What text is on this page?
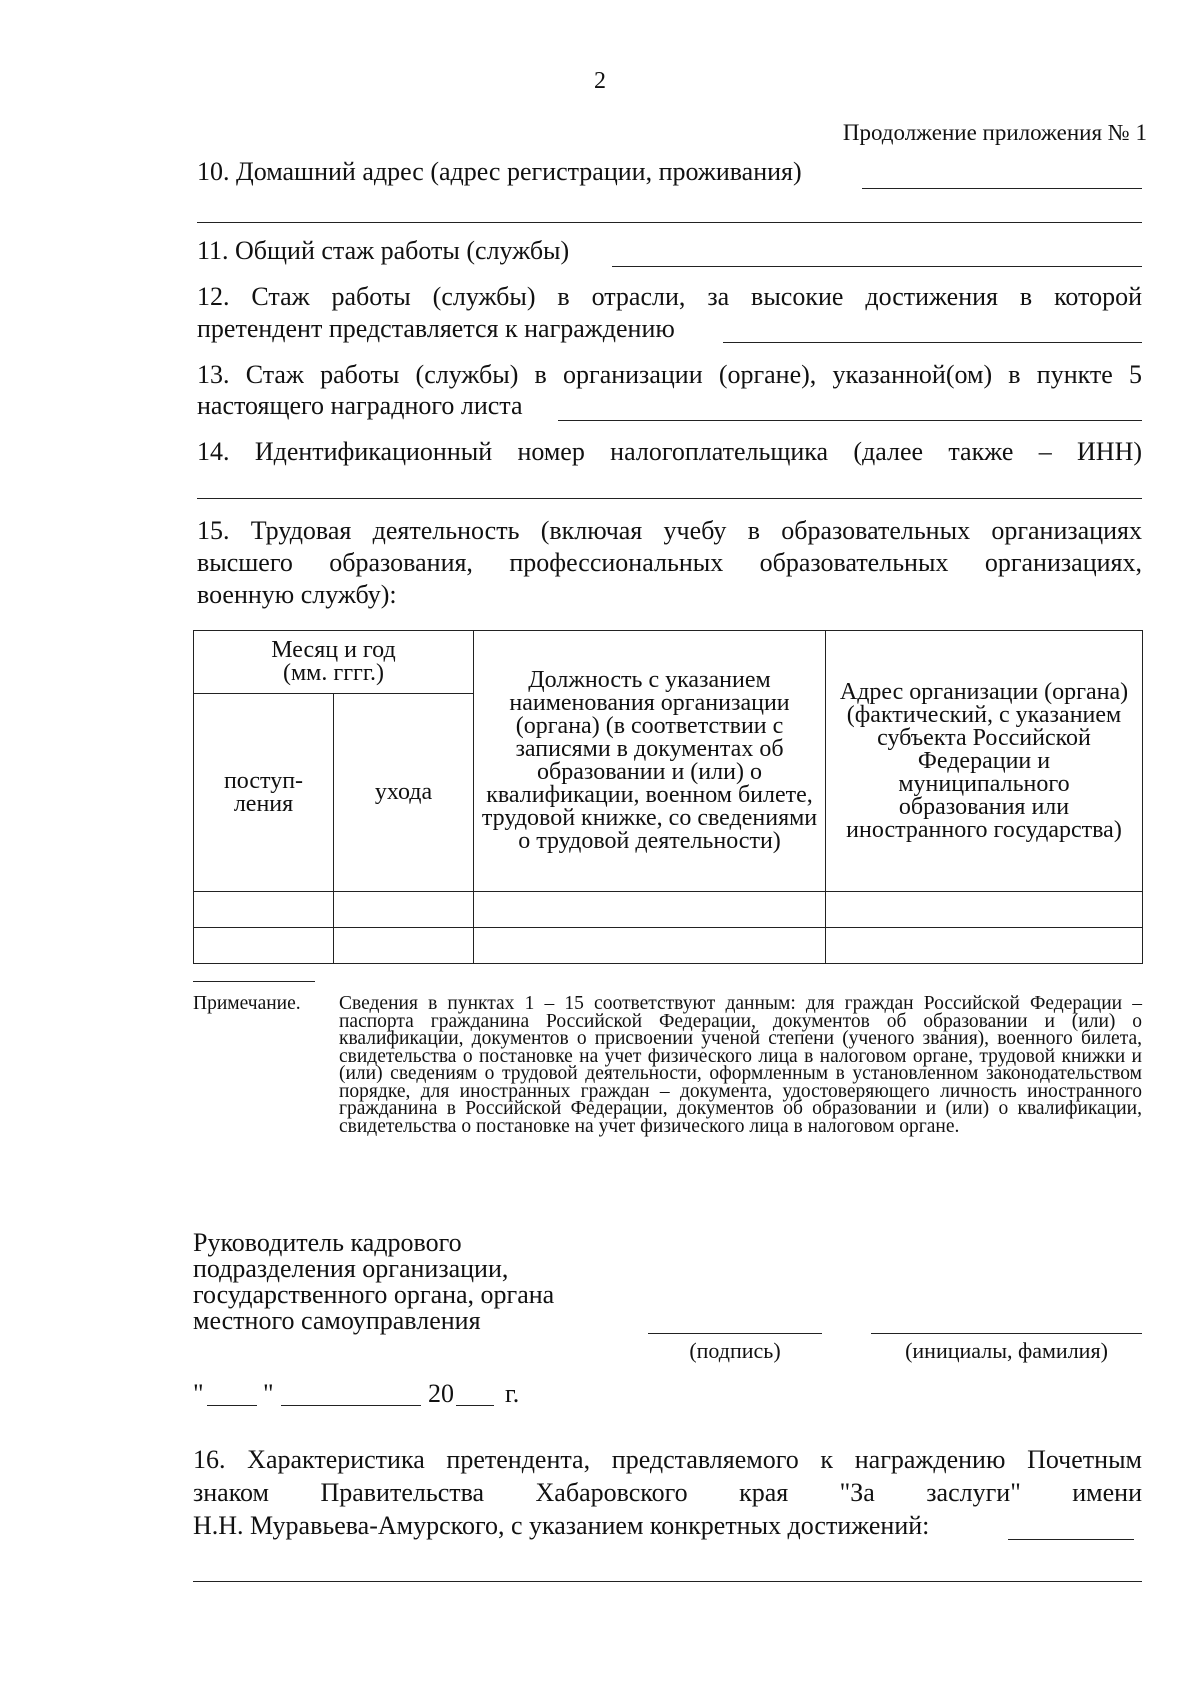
2
Продолжение приложения № 1
10. Домашний адрес (адрес регистрации, проживания)
11. Общий стаж работы (службы)
12. Стаж работы (службы) в отрасли, за высокие достижения в которой
претендент представляется к награждению
13. Стаж работы (службы) в организации (органе), указанной(ом) в пункте 5
настоящего наградного листа
14. Идентификационный номер налогоплательщика (далее также – ИНН)
15. Трудовая деятельность (включая учебу в образовательных организациях
высшего образования, профессиональных образовательных организациях,
военную службу):
Месяц и год (мм. гггг.)		Должность с указанием наименования организации (органа) (в соответствии с записями в документах об образовании и (или) о квалификации, военном билете, трудовой книжке, со сведениями о трудовой деятельности)	Адрес организации (органа) (фактический, с указанием субъекта Российской Федерации и муниципального образования или иностранного государства)

поступ-ления	ухода		

Примечание. Сведения в пунктах 1 – 15 соответствуют данным: для граждан Российской Федерации – паспорта гражданина Российской Федерации, документов об образовании и (или) о квалификации, документов о присвоении ученой степени (ученого звания), военного билета, свидетельства о постановке на учет физического лица в налоговом органе, трудовой книжки и (или) сведениям о трудовой деятельности, оформленным в установленном законодательством порядке, для иностранных граждан – документа, удостоверяющего личность иностранного гражданина в Российской Федерации, документов об образовании и (или) о квалификации, свидетельства о постановке на учет физического лица в налоговом органе.
Руководитель кадрового
подразделения организации,
государственного органа, органа
местного самоуправления
(подпись)	(инициалы, фамилия)
" "	20 г.
16. Характеристика претендента, представляемого к награждению Почетным
знаком Правительства Хабаровского края "За заслуги" имени
Н.Н. Муравьева-Амурского, с указанием конкретных достижений:
